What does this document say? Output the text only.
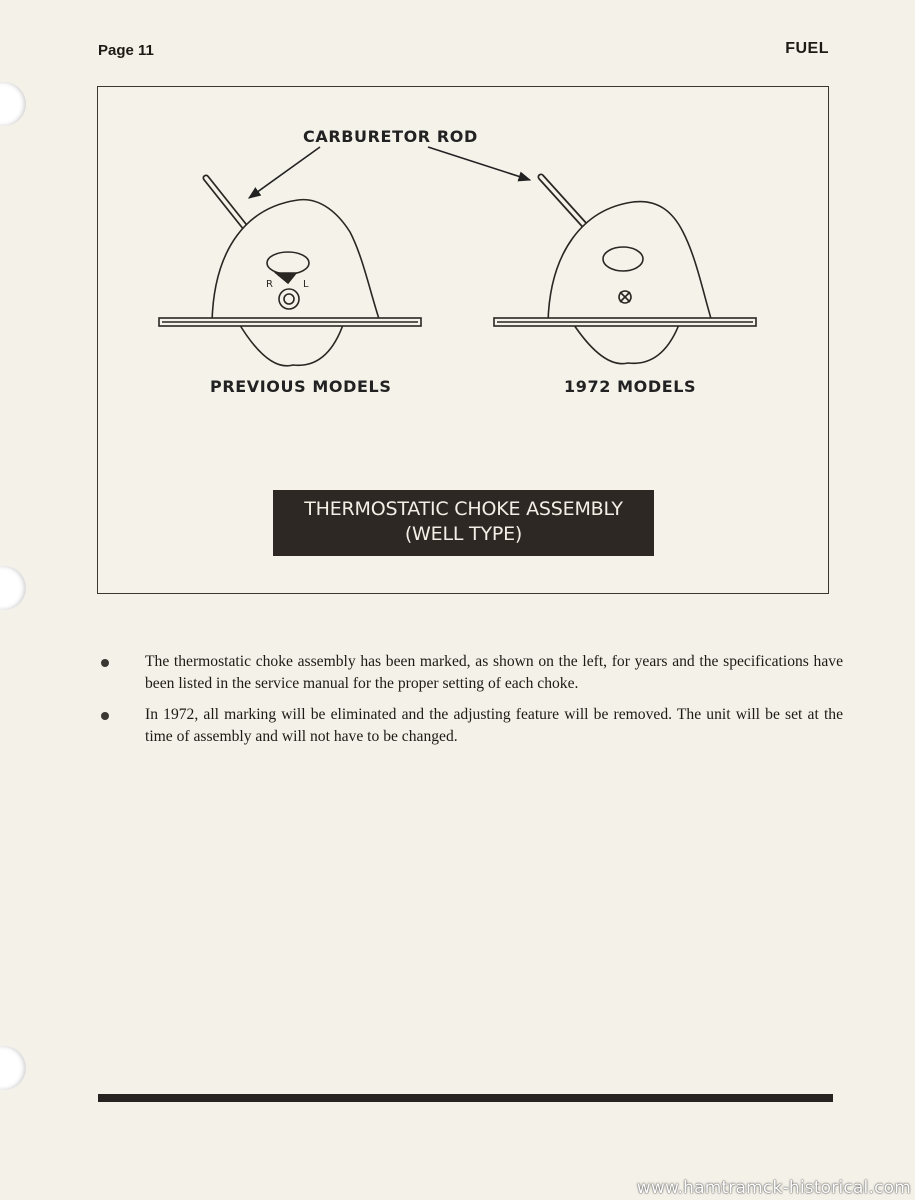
Page 11	FUEL
R	L
CARBURETOR ROD
PREVIOUS MODELS	1972 MODELS
THERMOSTATIC CHOKE ASSEMBLY
(WELL TYPE)
The thermostatic choke assembly has been marked, as shown on the left, for years and the specifications have been listed in the service manual for the proper setting of each choke.
In 1972, all marking will be eliminated and the adjusting feature will be removed. The unit will be set at the time of assembly and will not have to be changed.
www.hamtramck-historical.com
